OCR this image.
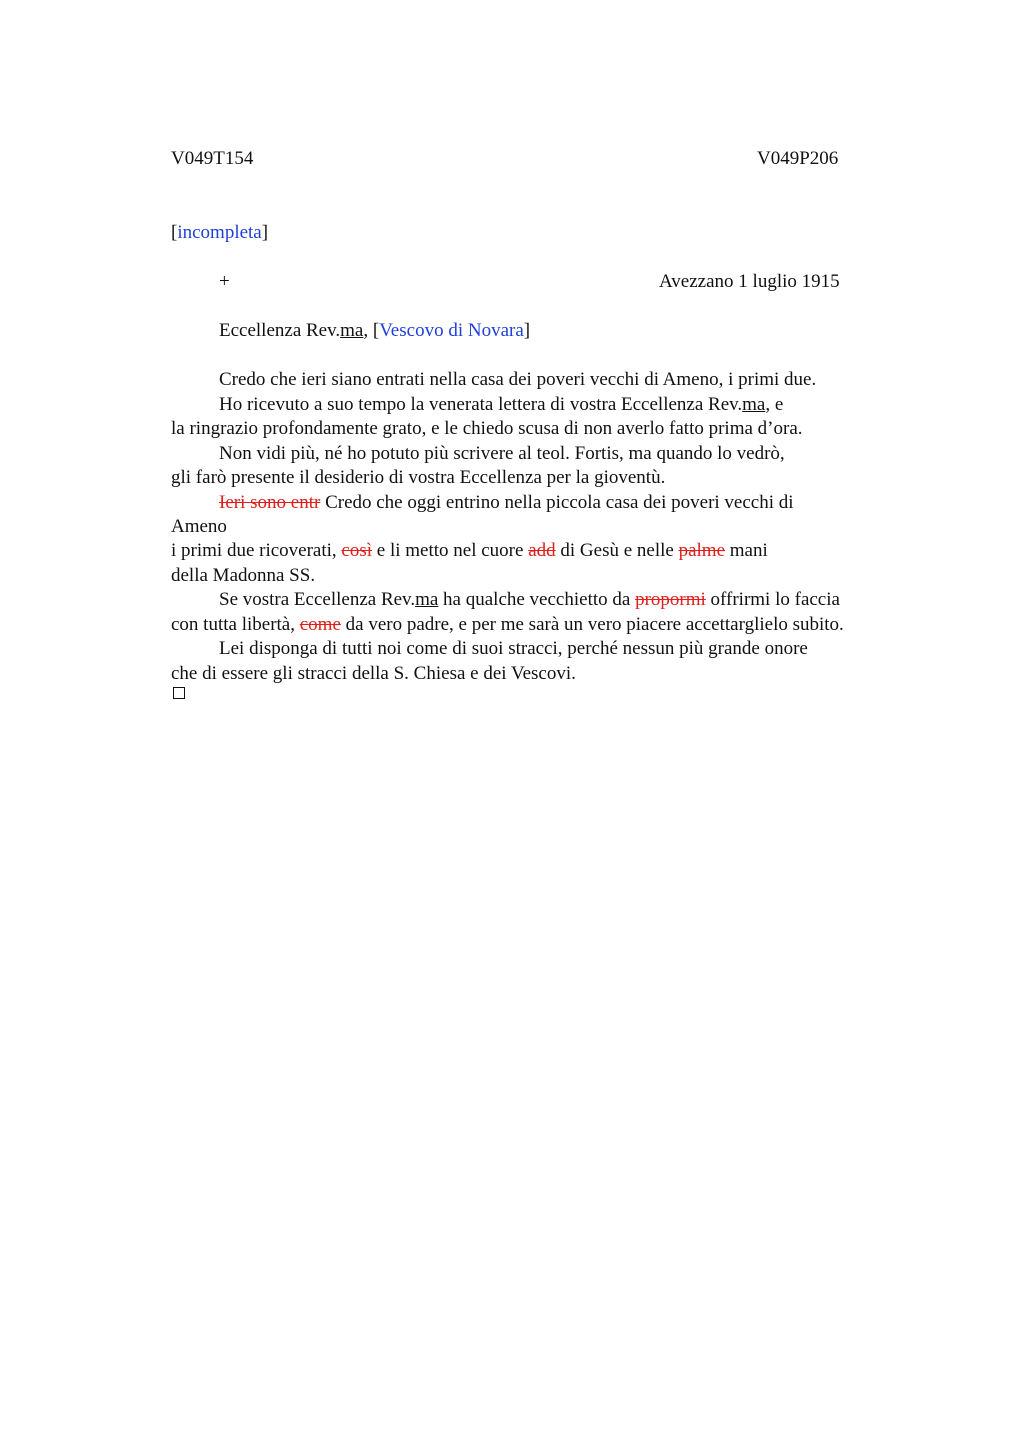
V049T154	V049P206
[incompleta]
+	Avezzano 1 luglio 1915
Eccellenza Rev.ma, [Vescovo di Novara]
Credo che ieri siano entrati nella casa dei poveri vecchi di Ameno, i primi due.
Ho ricevuto a suo tempo la venerata lettera di vostra Eccellenza Rev.ma, e
la ringrazio profondamente grato, e le chiedo scusa di non averlo fatto prima d’ora.
Non vidi più, né ho potuto più scrivere al teol. Fortis, ma quando lo vedrò,
gli farò presente il desiderio di vostra Eccellenza per la gioventù.
Ieri sono entr Credo che oggi entrino nella piccola casa dei poveri vecchi di
Ameno
i primi due ricoverati, così e li metto nel cuore add di Gesù e nelle palme mani
della Madonna SS.
Se vostra Eccellenza Rev.ma ha qualche vecchietto da propormi offrirmi lo faccia
con tutta libertà, come da vero padre, e per me sarà un vero piacere accettarglielo subito.
Lei disponga di tutti noi come di suoi stracci, perché nessun più grande onore
che di essere gli stracci della S. Chiesa e dei Vescovi.
